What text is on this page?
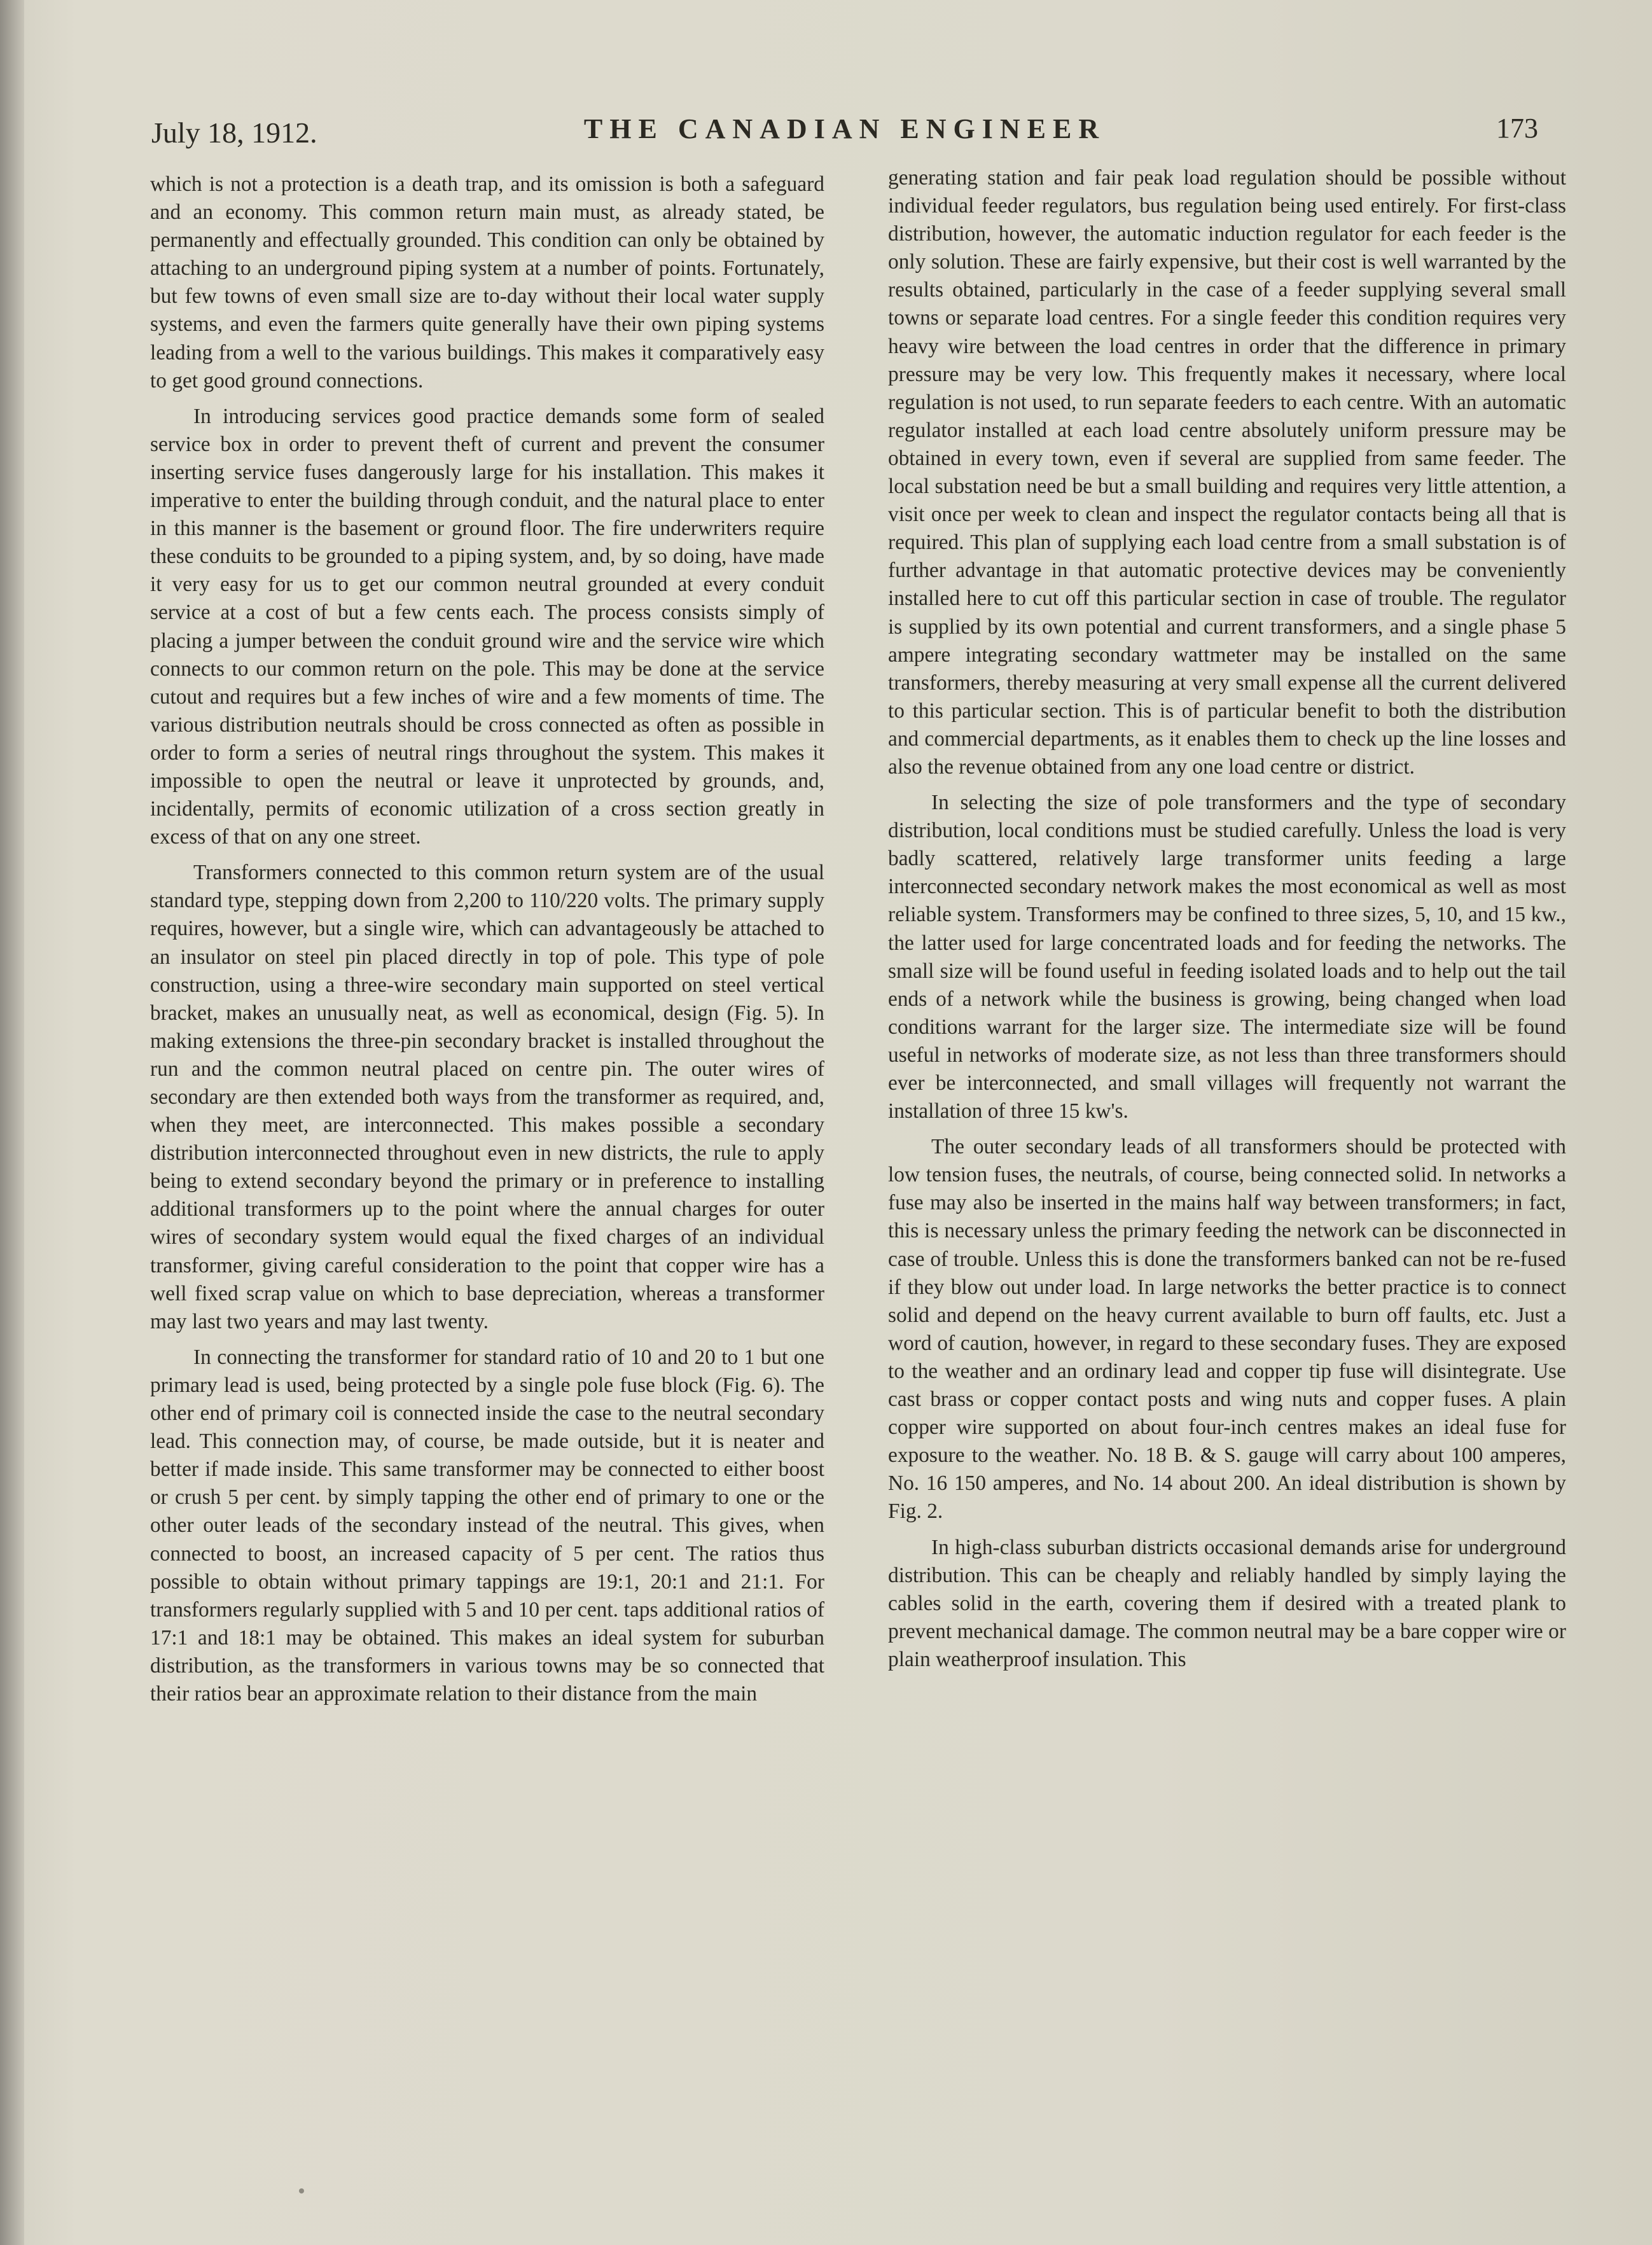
July 18, 1912.	THE CANADIAN ENGINEER	173

which is not a protection is a death trap, and its omission is both a safeguard and an economy. This common return main must, as already stated, be permanently and effectually grounded. This condition can only be obtained by attaching to an underground piping system at a number of points. Fortunately, but few towns of even small size are to-day without their local water supply systems, and even the farmers quite generally have their own piping systems leading from a well to the various buildings. This makes it comparatively easy to get good ground connections.

In introducing services good practice demands some form of sealed service box in order to prevent theft of current and prevent the consumer inserting service fuses dangerously large for his installation. This makes it imperative to enter the building through conduit, and the natural place to enter in this manner is the basement or ground floor. The fire underwriters require these conduits to be grounded to a piping system, and, by so doing, have made it very easy for us to get our common neutral grounded at every conduit service at a cost of but a few cents each. The process consists simply of placing a jumper between the conduit ground wire and the service wire which connects to our common return on the pole. This may be done at the service cutout and requires but a few inches of wire and a few moments of time. The various distribution neutrals should be cross connected as often as possible in order to form a series of neutral rings throughout the system. This makes it impossible to open the neutral or leave it unprotected by grounds, and, incidentally, permits of economic utilization of a cross section greatly in excess of that on any one street.

Transformers connected to this common return system are of the usual standard type, stepping down from 2,200 to 110/220 volts. The primary supply requires, however, but a single wire, which can advantageously be attached to an insulator on steel pin placed directly in top of pole. This type of pole construction, using a three-wire secondary main supported on steel vertical bracket, makes an unusually neat, as well as economical, design (Fig. 5). In making extensions the three-pin secondary bracket is installed throughout the run and the common neutral placed on centre pin. The outer wires of secondary are then extended both ways from the transformer as required, and, when they meet, are interconnected. This makes possible a secondary distribution interconnected throughout even in new districts, the rule to apply being to extend secondary beyond the primary or in preference to installing additional transformers up to the point where the annual charges for outer wires of secondary system would equal the fixed charges of an individual transformer, giving careful consideration to the point that copper wire has a well fixed scrap value on which to base depreciation, whereas a transformer may last two years and may last twenty.

In connecting the transformer for standard ratio of 10 and 20 to 1 but one primary lead is used, being protected by a single pole fuse block (Fig. 6). The other end of primary coil is connected inside the case to the neutral secondary lead. This connection may, of course, be made outside, but it is neater and better if made inside. This same transformer may be connected to either boost or crush 5 per cent. by simply tapping the other end of primary to one or the other outer leads of the secondary instead of the neutral. This gives, when connected to boost, an increased capacity of 5 per cent. The ratios thus possible to obtain without primary tappings are 19:1, 20:1 and 21:1. For transformers regularly supplied with 5 and 10 per cent. taps additional ratios of 17:1 and 18:1 may be obtained. This makes an ideal system for suburban distribution, as the transformers in various towns may be so connected that their ratios bear an approximate relation to their distance from the main

generating station and fair peak load regulation should be possible without individual feeder regulators, bus regulation being used entirely. For first-class distribution, however, the automatic induction regulator for each feeder is the only solution. These are fairly expensive, but their cost is well warranted by the results obtained, particularly in the case of a feeder supplying several small towns or separate load centres. For a single feeder this condition requires very heavy wire between the load centres in order that the difference in primary pressure may be very low. This frequently makes it necessary, where local regulation is not used, to run separate feeders to each centre. With an automatic regulator installed at each load centre absolutely uniform pressure may be obtained in every town, even if several are supplied from same feeder. The local substation need be but a small building and requires very little attention, a visit once per week to clean and inspect the regulator contacts being all that is required. This plan of supplying each load centre from a small substation is of further advantage in that automatic protective devices may be conveniently installed here to cut off this particular section in case of trouble. The regulator is supplied by its own potential and current transformers, and a single phase 5 ampere integrating secondary wattmeter may be installed on the same transformers, thereby measuring at very small expense all the current delivered to this particular section. This is of particular benefit to both the distribution and commercial departments, as it enables them to check up the line losses and also the revenue obtained from any one load centre or district.

In selecting the size of pole transformers and the type of secondary distribution, local conditions must be studied carefully. Unless the load is very badly scattered, relatively large transformer units feeding a large interconnected secondary network makes the most economical as well as most reliable system. Transformers may be confined to three sizes, 5, 10, and 15 kw., the latter used for large concentrated loads and for feeding the networks. The small size will be found useful in feeding isolated loads and to help out the tail ends of a network while the business is growing, being changed when load conditions warrant for the larger size. The intermediate size will be found useful in networks of moderate size, as not less than three transformers should ever be interconnected, and small villages will frequently not warrant the installation of three 15 kw's.

The outer secondary leads of all transformers should be protected with low tension fuses, the neutrals, of course, being connected solid. In networks a fuse may also be inserted in the mains half way between transformers; in fact, this is necessary unless the primary feeding the network can be disconnected in case of trouble. Unless this is done the transformers banked can not be re-fused if they blow out under load. In large networks the better practice is to connect solid and depend on the heavy current available to burn off faults, etc. Just a word of caution, however, in regard to these secondary fuses. They are exposed to the weather and an ordinary lead and copper tip fuse will disintegrate. Use cast brass or copper contact posts and wing nuts and copper fuses. A plain copper wire supported on about four-inch centres makes an ideal fuse for exposure to the weather. No. 18 B. & S. gauge will carry about 100 amperes, No. 16 150 amperes, and No. 14 about 200. An ideal distribution is shown by Fig. 2.

In high-class suburban districts occasional demands arise for underground distribution. This can be cheaply and reliably handled by simply laying the cables solid in the earth, covering them if desired with a treated plank to prevent mechanical damage. The common neutral may be a bare copper wire or plain weatherproof insulation. This
